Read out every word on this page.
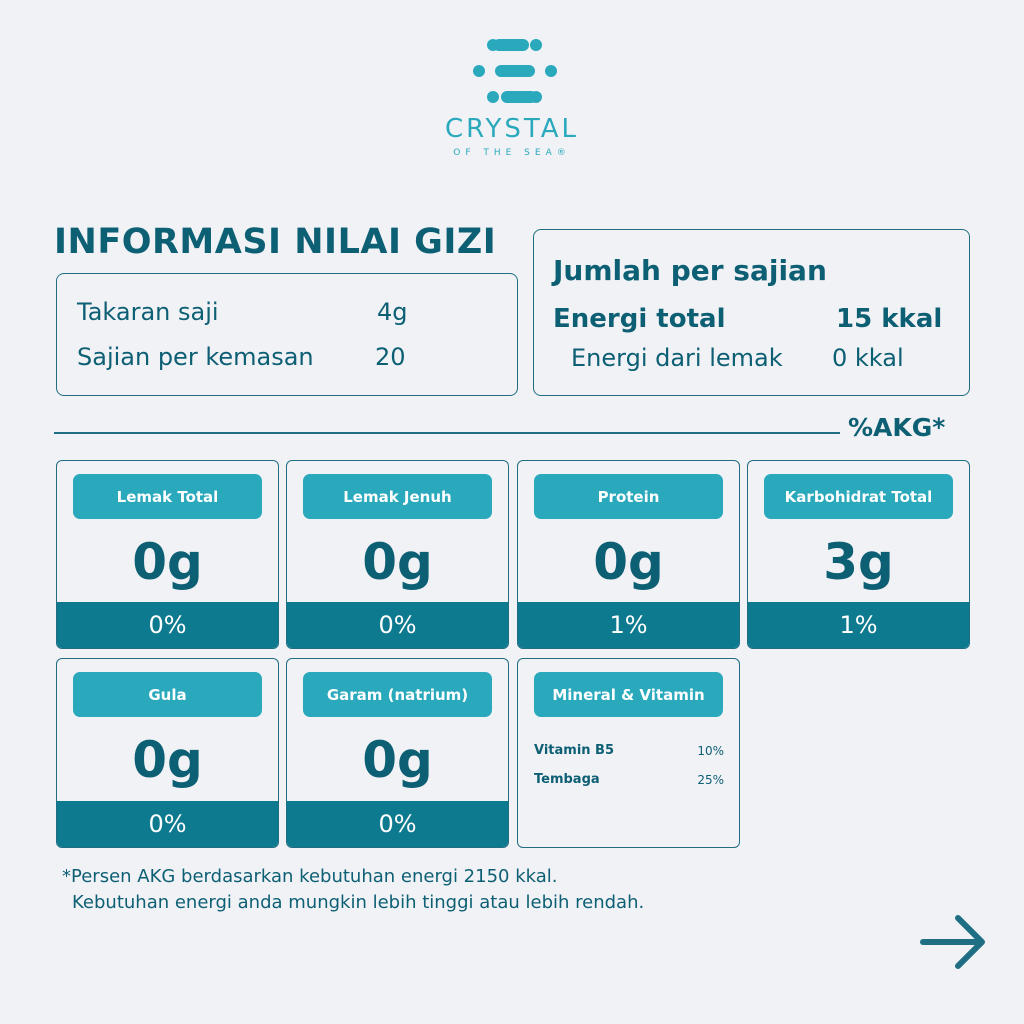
CRYSTAL
OF THE SEA®
INFORMASI NILAI GIZI
Takaran saji	4g
Sajian per kemasan	20
Jumlah per sajian
Energi total	15 kkal
Energi dari lemak 0 kkal
%AKG*
Lemak Total
0g
0%
Lemak Jenuh
0g
0%
Protein
0g
1%
Karbohidrat Total
3g
1%
Gula
0g
0%
Garam (natrium)
0g
0%
Mineral & Vitamin
Vitamin B5	10%
Tembaga	25%
*Persen AKG berdasarkan kebutuhan energi 2150 kkal.
Kebutuhan energi anda mungkin lebih tinggi atau lebih rendah.
